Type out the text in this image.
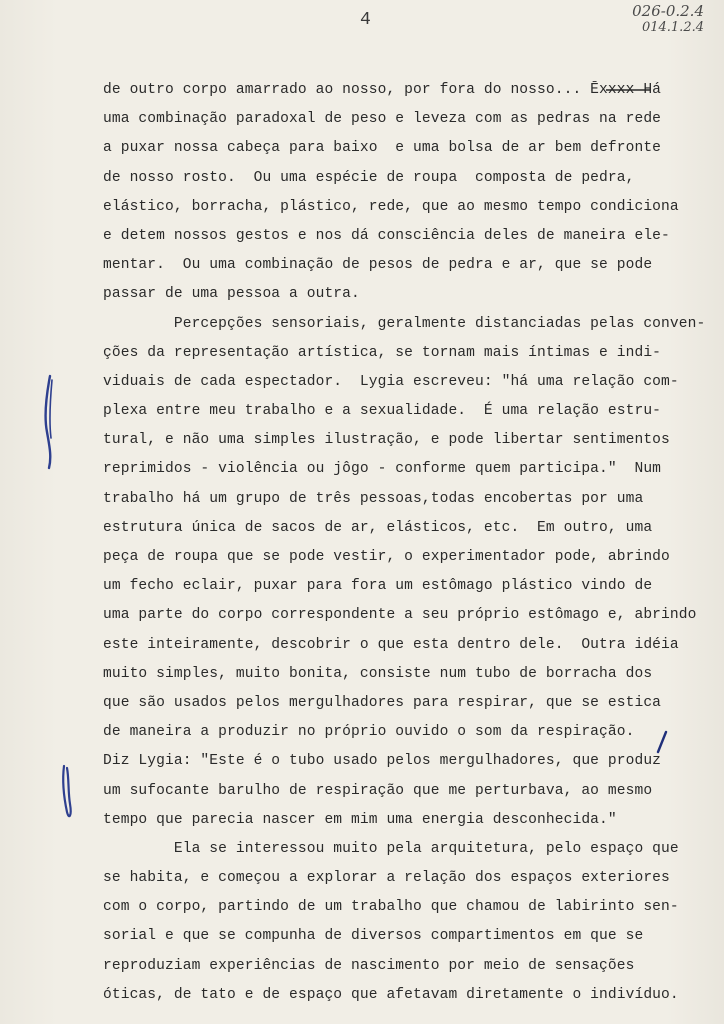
4	026-0.2.4
014.1.2.4
de outro corpo amarrado ao nosso, por fora do nosso... Ēxxxx Há
uma combinação paradoxal de peso e leveza com as pedras na rede
a puxar nossa cabeça para baixo  e uma bolsa de ar bem defronte
de nosso rosto.  Ou uma espécie de roupa  composta de pedra,
elástico, borracha, plástico, rede, que ao mesmo tempo condiciona
e detem nossos gestos e nos dá consciência deles de maneira ele-
mentar.  Ou uma combinação de pesos de pedra e ar, que se pode
passar de uma pessoa a outra.
Percepções sensoriais, geralmente distanciadas pelas conven-
ções da representação artística, se tornam mais íntimas e indi-
viduais de cada espectador.  Lygia escreveu: "há uma relação com-
plexa entre meu trabalho e a sexualidade.  É uma relação estru-
tural, e não uma simples ilustração, e pode libertar sentimentos
reprimidos - violência ou jôgo - conforme quem participa."  Num
trabalho há um grupo de três pessoas,todas encobertas por uma
estrutura única de sacos de ar, elásticos, etc.  Em outro, uma
peça de roupa que se pode vestir, o experimentador pode, abrindo
um fecho eclair, puxar para fora um estômago plástico vindo de
uma parte do corpo correspondente a seu próprio estômago e, abrindo
este inteiramente, descobrir o que esta dentro dele.  Outra idéia
muito simples, muito bonita, consiste num tubo de borracha dos
que são usados pelos mergulhadores para respirar, que se estica
de maneira a produzir no próprio ouvido o som da respiração.
Diz Lygia: "Este é o tubo usado pelos mergulhadores, que produz
um sufocante barulho de respiração que me perturbava, ao mesmo
tempo que parecia nascer em mim uma energia desconhecida."
Ela se interessou muito pela arquitetura, pelo espaço que
se habita, e começou a explorar a relação dos espaços exteriores
com o corpo, partindo de um trabalho que chamou de labirinto sen-
sorial e que se compunha de diversos compartimentos em que se
reproduziam experiências de nascimento por meio de sensações
óticas, de tato e de espaço que afetavam diretamente o indivíduo.
